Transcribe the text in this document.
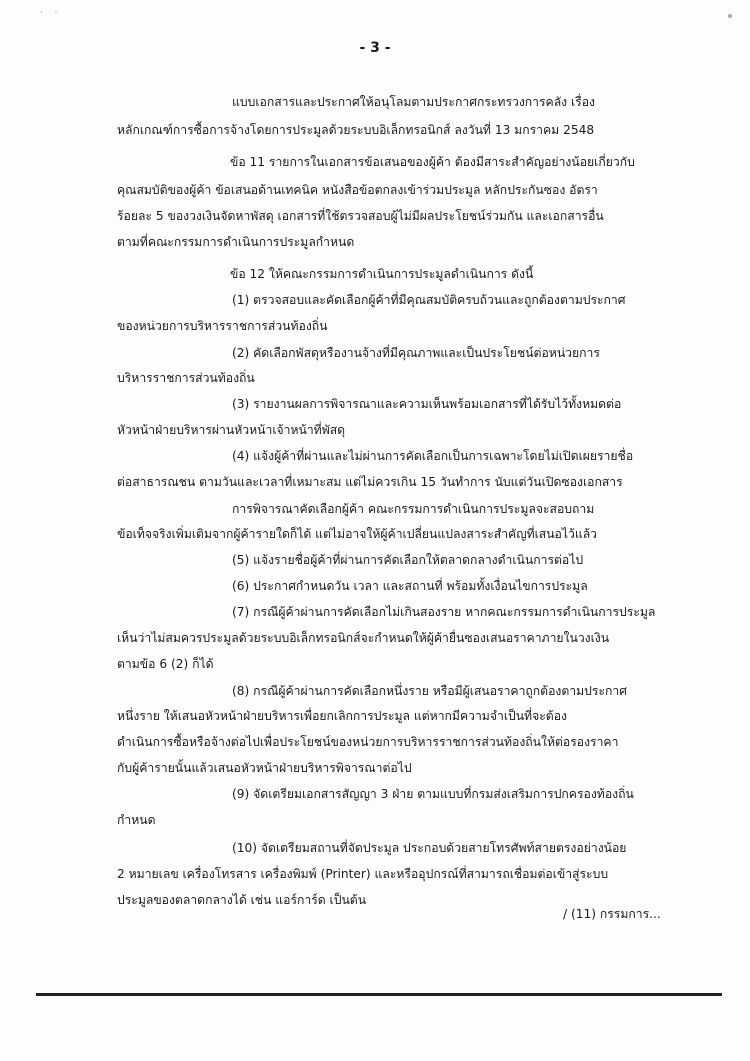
· ·
- 3 -
แบบเอกสารและประกาศให้อนุโลมตามประกาศกระทรวงการคลัง เรื่อง
หลักเกณฑ์การซื้อการจ้างโดยการประมูลด้วยระบบอิเล็กทรอนิกส์ ลงวันที่ 13 มกราคม 2548
ข้อ 11 รายการในเอกสารข้อเสนอของผู้ค้า ต้องมีสาระสำคัญอย่างน้อยเกี่ยวกับ
คุณสมบัติของผู้ค้า ข้อเสนอด้านเทคนิค หนังสือข้อตกลงเข้าร่วมประมูล หลักประกันซอง อัตรา
ร้อยละ 5 ของวงเงินจัดหาพัสดุ เอกสารที่ใช้ตรวจสอบผู้ไม่มีผลประโยชน์ร่วมกัน และเอกสารอื่น
ตามที่คณะกรรมการดำเนินการประมูลกำหนด
ข้อ 12 ให้คณะกรรมการดำเนินการประมูลดำเนินการ ดังนี้
(1) ตรวจสอบและคัดเลือกผู้ค้าที่มีคุณสมบัติครบถ้วนและถูกต้องตามประกาศ
ของหน่วยการบริหารราชการส่วนท้องถิ่น
(2) คัดเลือกพัสดุหรืองานจ้างที่มีคุณภาพและเป็นประโยชน์ต่อหน่วยการ
บริหารราชการส่วนท้องถิ่น
(3) รายงานผลการพิจารณาและความเห็นพร้อมเอกสารที่ได้รับไว้ทั้งหมดต่อ
หัวหน้าฝ่ายบริหารผ่านหัวหน้าเจ้าหน้าที่พัสดุ
(4) แจ้งผู้ค้าที่ผ่านและไม่ผ่านการคัดเลือกเป็นการเฉพาะโดยไม่เปิดเผยรายชื่อ
ต่อสาธารณชน ตามวันและเวลาที่เหมาะสม แต่ไม่ควรเกิน 15 วันทำการ นับแต่วันเปิดซองเอกสาร
การพิจารณาคัดเลือกผู้ค้า คณะกรรมการดำเนินการประมูลจะสอบถาม
ข้อเท็จจริงเพิ่มเติมจากผู้ค้ารายใดก็ได้ แต่ไม่อาจให้ผู้ค้าเปลี่ยนแปลงสาระสำคัญที่เสนอไว้แล้ว
(5) แจ้งรายชื่อผู้ค้าที่ผ่านการคัดเลือกให้ตลาดกลางดำเนินการต่อไป
(6) ประกาศกำหนดวัน เวลา และสถานที่ พร้อมทั้งเงื่อนไขการประมูล
(7) กรณีผู้ค้าผ่านการคัดเลือกไม่เกินสองราย หากคณะกรรมการดำเนินการประมูล
เห็นว่าไม่สมควรประมูลด้วยระบบอิเล็กทรอนิกส์จะกำหนดให้ผู้ค้ายื่นซองเสนอราคาภายในวงเงิน
ตามข้อ 6 (2) ก็ได้
(8) กรณีผู้ค้าผ่านการคัดเลือกหนึ่งราย หรือมีผู้เสนอราคาถูกต้องตามประกาศ
หนึ่งราย ให้เสนอหัวหน้าฝ่ายบริหารเพื่อยกเลิกการประมูล แต่หากมีความจำเป็นที่จะต้อง
ดำเนินการซื้อหรือจ้างต่อไปเพื่อประโยชน์ของหน่วยการบริหารราชการส่วนท้องถิ่นให้ต่อรองราคา
กับผู้ค้ารายนั้นแล้วเสนอหัวหน้าฝ่ายบริหารพิจารณาต่อไป
(9) จัดเตรียมเอกสารสัญญา 3 ฝ่าย ตามแบบที่กรมส่งเสริมการปกครองท้องถิ่น
กำหนด
(10) จัดเตรียมสถานที่จัดประมูล ประกอบด้วยสายโทรศัพท์สายตรงอย่างน้อย
2 หมายเลข เครื่องโทรสาร เครื่องพิมพ์ (Printer) และหรืออุปกรณ์ที่สามารถเชื่อมต่อเข้าสู่ระบบ
ประมูลของตลาดกลางได้ เช่น แอร์การ์ด เป็นต้น
/ (11) กรรมการ...
